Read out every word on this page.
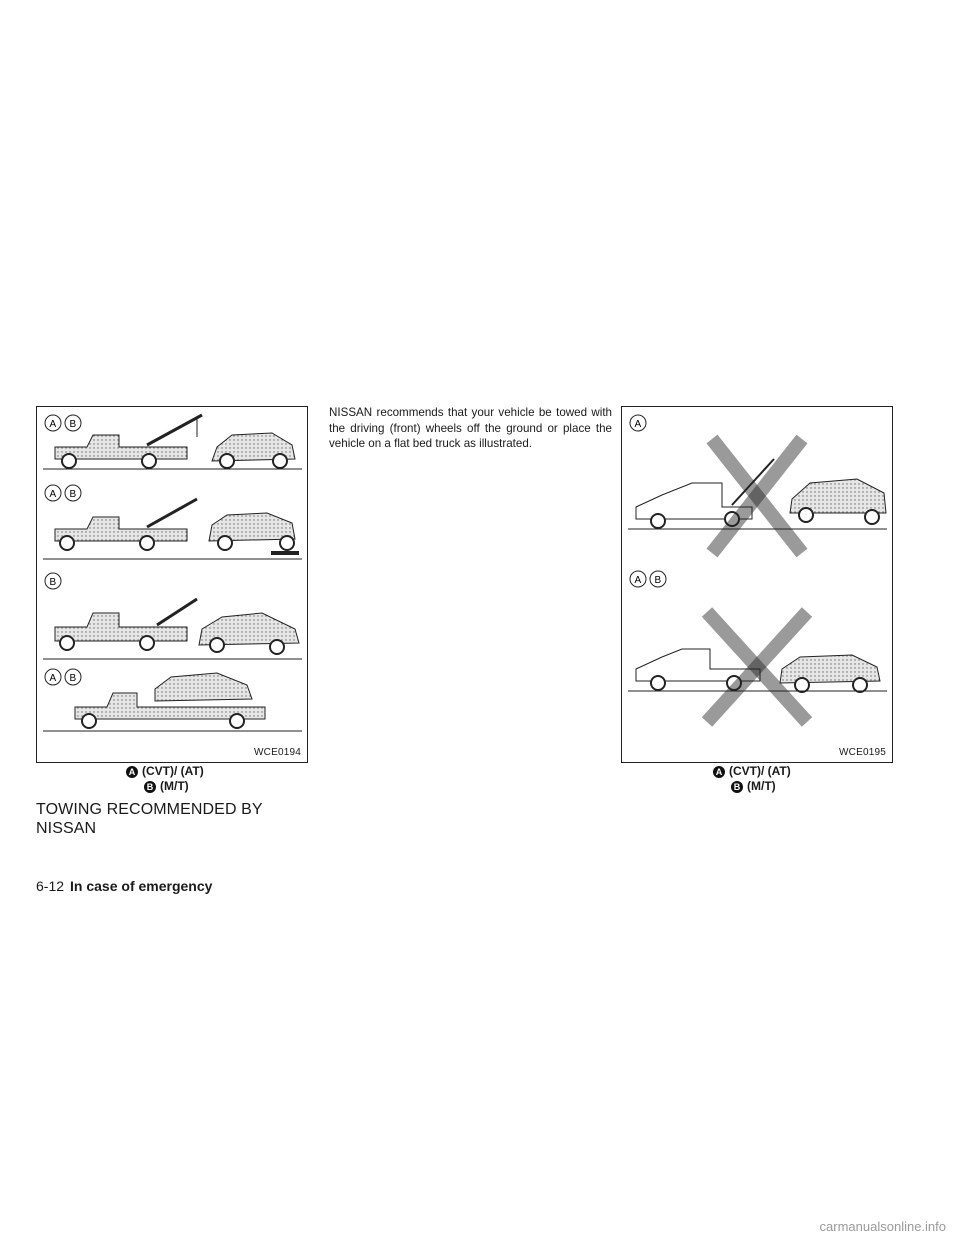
A B
A B
B
A B
WCE0194
A (CVT)/ (AT)
B (M/T)
TOWING RECOMMENDED BY NISSAN

NISSAN recommends that your vehicle be towed with the driving (front) wheels off the ground or place the vehicle on a flat bed truck as illustrated.

A
A B
WCE0195
A (CVT)/ (AT)
B (M/T)
6-12 In case of emergency
carmanualsonline.info
